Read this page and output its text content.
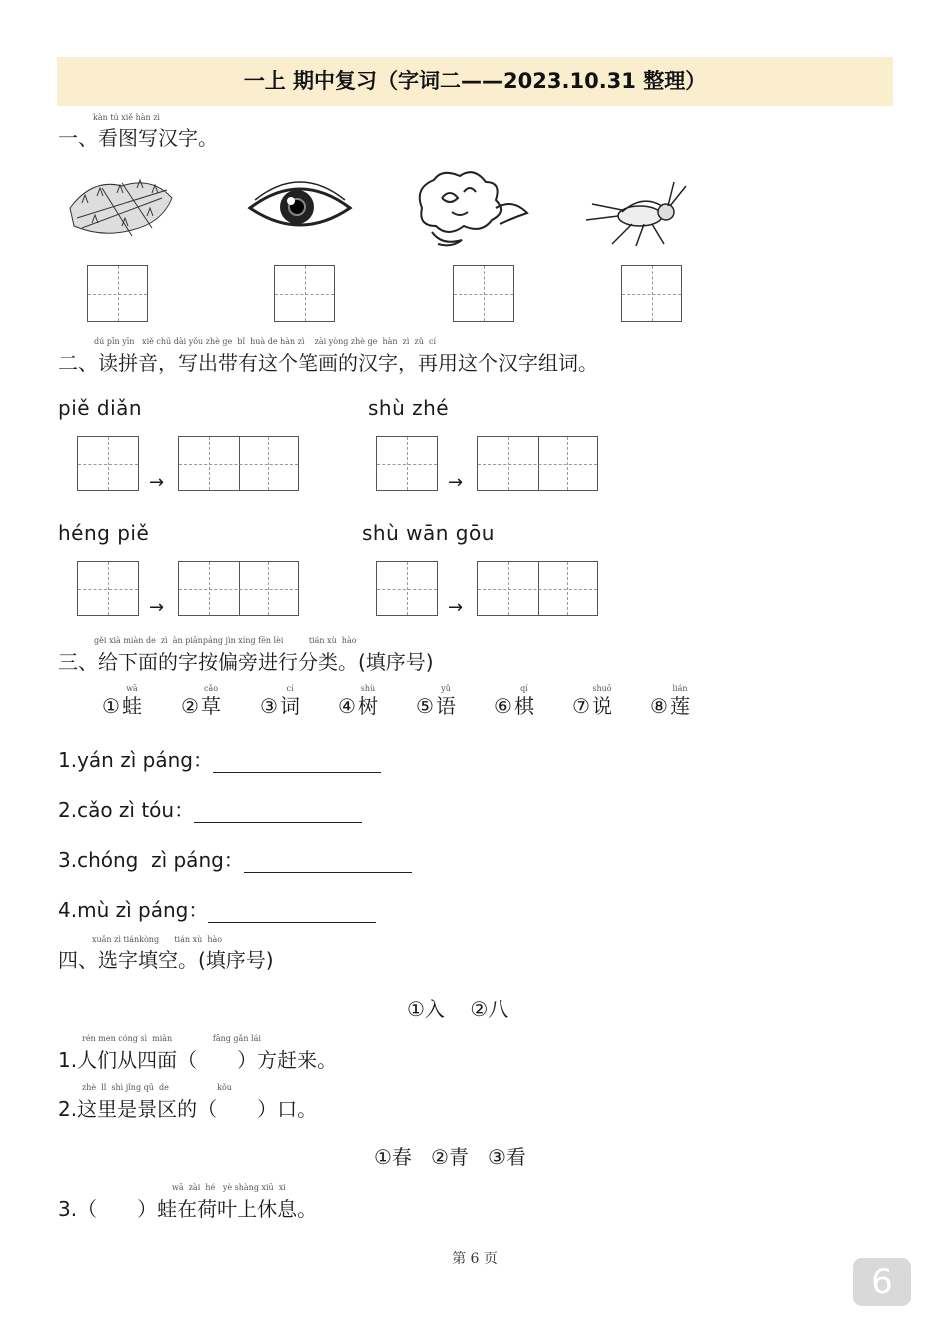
一上 期中复习（字词二——2023.10.31 整理）
kàn tú xiě hàn zì
一、看图写汉字。
dú pīn yīn   xiě chū dài yǒu zhè ge  bǐ  huà de hàn zì    zài yòng zhè ge  hàn  zì  zǔ  cí
二、读拼音，写出带有这个笔画的汉字，再用这个汉字组词。
piě diǎn	shù zhé
héng piě	shù wān gōu
→	→
→	→
gěi xià miàn de  zì  àn piānpáng jìn xíng fēn lèi          tián xù  hào
三、给下面的字按偏旁进行分类。(填序号)
①
wā
蛙 ②
cǎo
草 ③
cí
词 ④
shù
树 ⑤
yǔ
语 ⑥
qí
棋 ⑦
shuō
说 ⑧
lián
莲
1.yán zì páng：
2.cǎo zì tóu：
3.chóng  zì páng：
4.mù zì páng：
xuǎn zì tiánkòng      tián xù  hào
四、选字填空。(填序号)
①入    ②八
rén men cóng sì  miàn                fāng gǎn lái
1.人们从四面（ ）方赶来。
zhè  lǐ  shì jǐng qū  de                   kǒu
2.这里是景区的（ ）口。
①春   ②青   ③看
wā  zài  hé   yè shàng xiū  xi
3.（ ）蛙在荷叶上休息。
第 6 页
6
